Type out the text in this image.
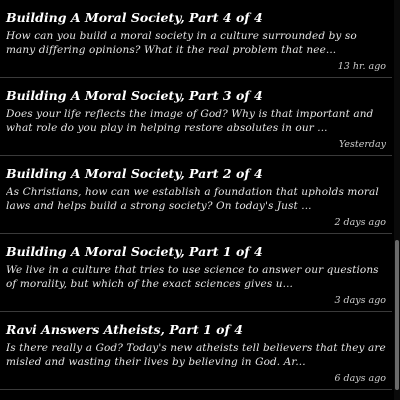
Building A Moral Society, Part 4 of 4
How can you build a moral society in a culture surrounded by so many differing opinions? What it the real problem that nee...
13 hr. ago
Building A Moral Society, Part 3 of 4
Does your life reflects the image of God? Why is that important and what role do you play in helping restore absolutes in our ...
Yesterday
Building A Moral Society, Part 2 of 4
As Christians, how can we establish a foundation that upholds moral laws and helps build a strong society? On today's Just ...
2 days ago
Building A Moral Society, Part 1 of 4
We live in a culture that tries to use science to answer our questions of morality, but which of the exact sciences gives u...
3 days ago
Ravi Answers Atheists, Part 1 of 4
Is there really a God? Today's new atheists tell believers that they are misled and wasting their lives by believing in God. Ar...
6 days ago
